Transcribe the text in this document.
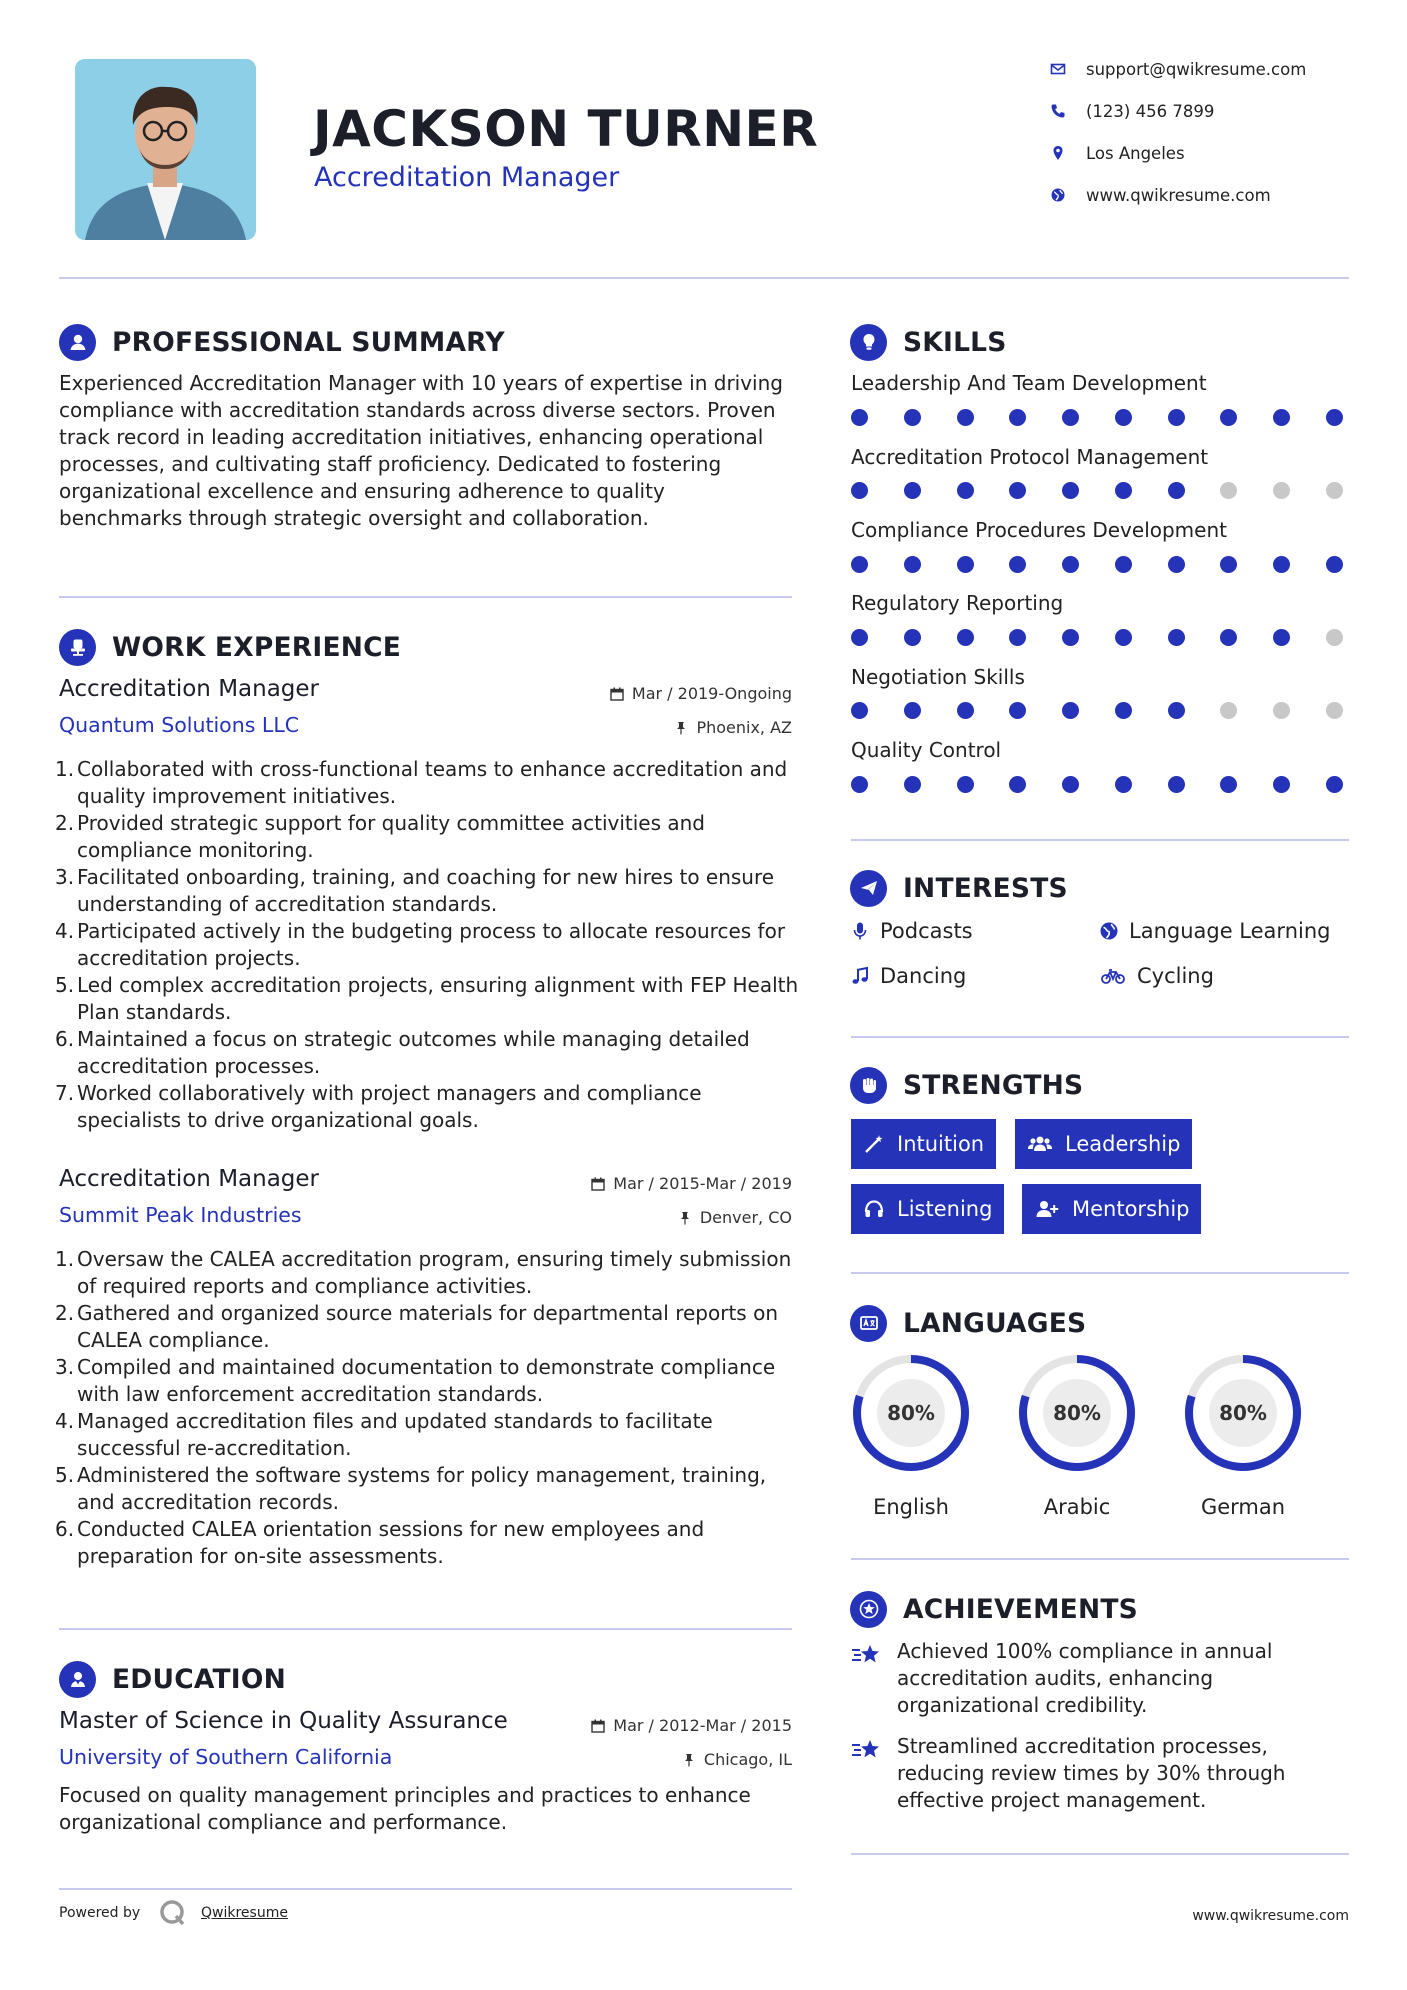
JACKSON TURNER
Accreditation Manager
support@qwikresume.com
(123) 456 7899
Los Angeles
www.qwikresume.com
PROFESSIONAL SUMMARY
Experienced Accreditation Manager with 10 years of expertise in driving compliance with accreditation standards across diverse sectors. Proven track record in leading accreditation initiatives, enhancing operational processes, and cultivating staff proficiency. Dedicated to fostering organizational excellence and ensuring adherence to quality benchmarks through strategic oversight and collaboration.
WORK EXPERIENCE
Accreditation Manager	Mar / 2019-Ongoing
Quantum Solutions LLC	Phoenix, AZ
1. Collaborated with cross-functional teams to enhance accreditation and quality improvement initiatives.
2. Provided strategic support for quality committee activities and compliance monitoring.
3. Facilitated onboarding, training, and coaching for new hires to ensure understanding of accreditation standards.
4. Participated actively in the budgeting process to allocate resources for accreditation projects.
5. Led complex accreditation projects, ensuring alignment with FEP Health Plan standards.
6. Maintained a focus on strategic outcomes while managing detailed accreditation processes.
7. Worked collaboratively with project managers and compliance specialists to drive organizational goals.
Accreditation Manager	Mar / 2015-Mar / 2019
Summit Peak Industries	Denver, CO
1. Oversaw the CALEA accreditation program, ensuring timely submission of required reports and compliance activities.
2. Gathered and organized source materials for departmental reports on CALEA compliance.
3. Compiled and maintained documentation to demonstrate compliance with law enforcement accreditation standards.
4. Managed accreditation files and updated standards to facilitate successful re-accreditation.
5. Administered the software systems for policy management, training, and accreditation records.
6. Conducted CALEA orientation sessions for new employees and preparation for on-site assessments.
EDUCATION
Master of Science in Quality Assurance	Mar / 2012-Mar / 2015
University of Southern California	Chicago, IL
Focused on quality management principles and practices to enhance organizational compliance and performance.
SKILLS
Leadership And Team Development
Accreditation Protocol Management
Compliance Procedures Development
Regulatory Reporting
Negotiation Skills
Quality Control
INTERESTS
Podcasts	Language Learning
Dancing	Cycling
STRENGTHS
Intuition	Leadership
Listening	Mentorship
LANGUAGES
80%
English
80%
Arabic
80%
German
ACHIEVEMENTS
Achieved 100% compliance in annual accreditation audits, enhancing organizational credibility.
Streamlined accreditation processes, reducing review times by 30% through effective project management.
Powered by	Qwikresume	www.qwikresume.com
